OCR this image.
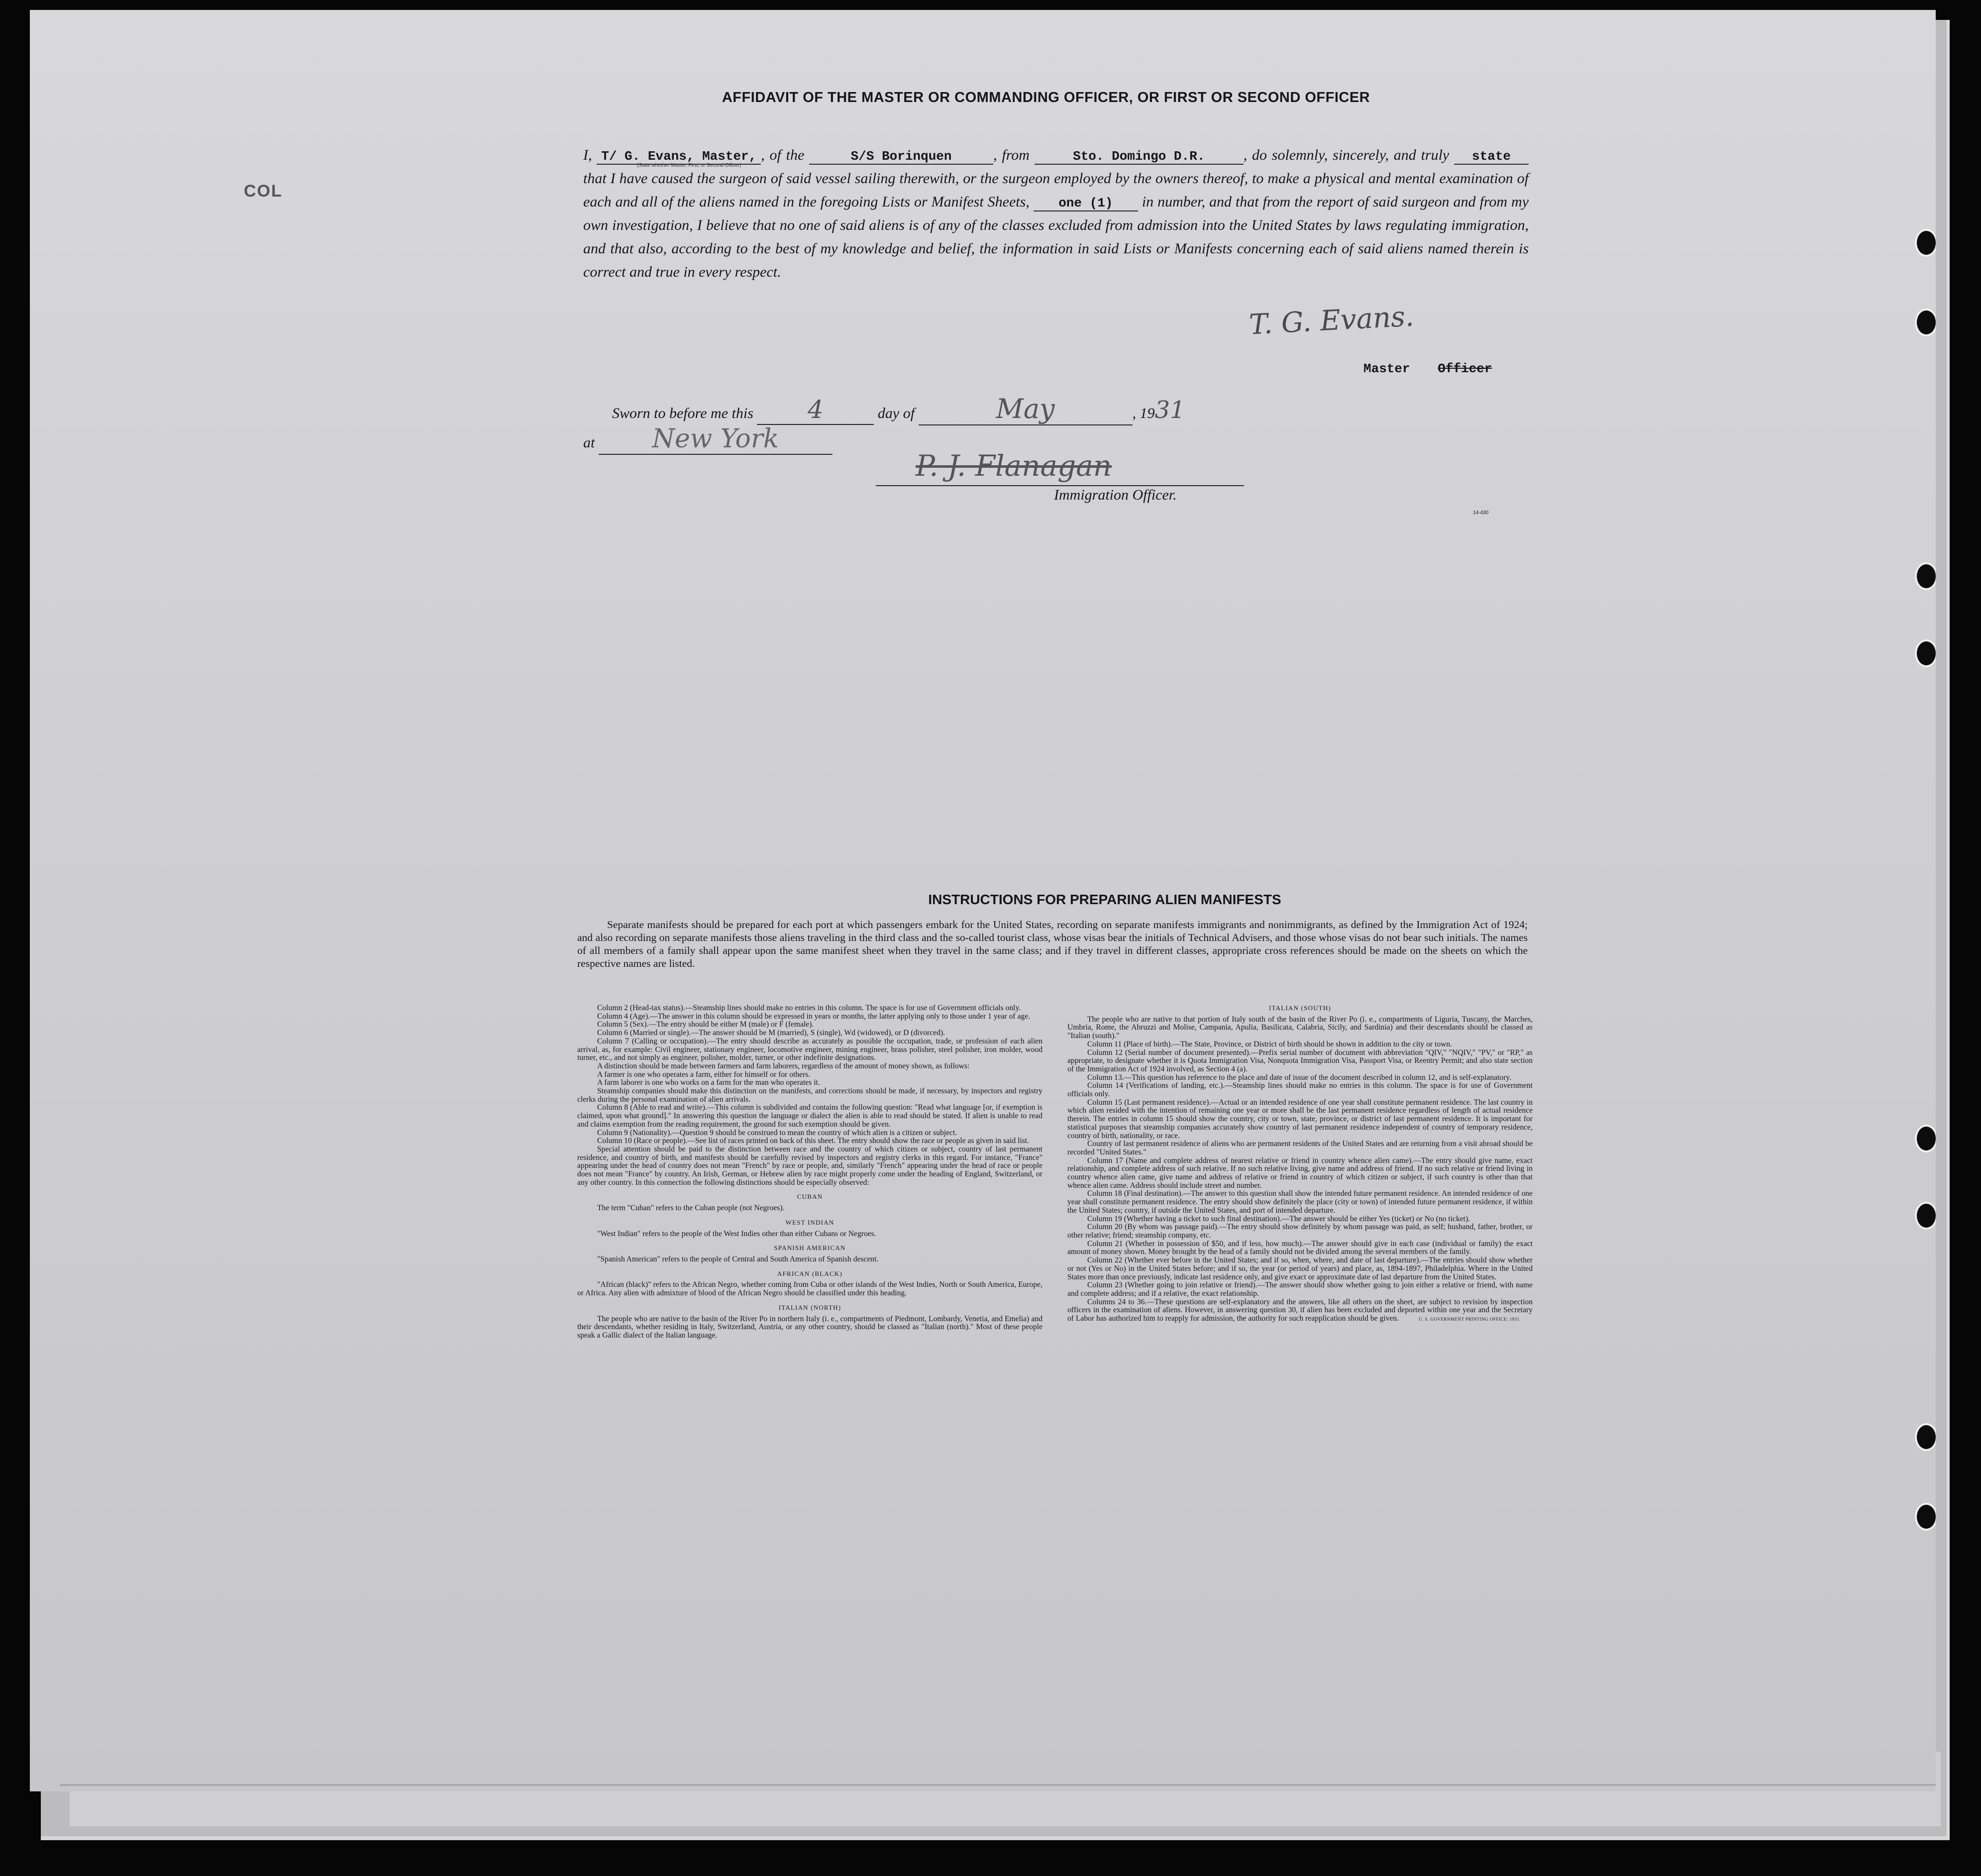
COL
AFFIDAVIT OF THE MASTER OR COMMANDING OFFICER, OR FIRST OR SECOND OFFICER
I, T/ G. Evans, Master, , of the	S/S Borinquen	, from	Sto. Domingo D.R.	, do solemnly, sincerely, and truly state that I have caused the surgeon of said vessel sailing therewith, or the surgeon employed by the owners thereof, to make a physical and mental examination of each and all of the aliens named in the foregoing Lists or Manifest Sheets, one (1) in number, and that from the report of said surgeon and from my own investigation, I believe that no one of said aliens is of any of the classes excluded from admission into the United States by laws regulating immigration, and that also, according to the best of my knowledge and belief, the information in said Lists or Manifests concerning each of said aliens named therein is correct and true in every respect.
(State whether Master, First, or Second Officer)
T. G. Evans.
Master Officer
Sworn to before me this 4	day of	May	, 1931
at New York
P. J. Flanagan
Immigration Officer.
14-430
INSTRUCTIONS FOR PREPARING ALIEN MANIFESTS
Separate manifests should be prepared for each port at which passengers embark for the United States, recording on separate manifests immigrants and nonimmigrants, as defined by the Immigration Act of 1924; and also recording on separate manifests those aliens traveling in the third class and the so-called tourist class, whose visas bear the initials of Technical Advisers, and those whose visas do not bear such initials. The names of all members of a family shall appear upon the same manifest sheet when they travel in the same class; and if they travel in different classes, appropriate cross references should be made on the sheets on which the respective names are listed.

Column 2 (Head-tax status).—Steamship lines should make no entries in this column. The space is for use of Government officials only.

Column 4 (Age).—The answer in this column should be expressed in years or months, the latter applying only to those under 1 year of age.

Column 5 (Sex).—The entry should be either M (male) or F (female).

Column 6 (Married or single).—The answer should be M (married), S (single), Wd (widowed), or D (divorced).

Column 7 (Calling or occupation).—The entry should describe as accurately as possible the occupation, trade, or profession of each alien arrival, as, for example: Civil engineer, stationary engineer, locomotive engineer, mining engineer, brass polisher, steel polisher, iron molder, wood turner, etc., and not simply as engineer, polisher, molder, turner, or other indefinite designations.

A distinction should be made between farmers and farm laborers, regardless of the amount of money shown, as follows:

A farmer is one who operates a farm, either for himself or for others.

A farm laborer is one who works on a farm for the man who operates it.

Steamship companies should make this distinction on the manifests, and corrections should be made, if necessary, by inspectors and registry clerks during the personal examination of alien arrivals.

Column 8 (Able to read and write).—This column is subdivided and contains the following question: "Read what language [or, if exemption is claimed, upon what ground]." In answering this question the language or dialect the alien is able to read should be stated. If alien is unable to read and claims exemption from the reading requirement, the ground for such exemption should be given.

Column 9 (Nationality).—Question 9 should be construed to mean the country of which alien is a citizen or subject.

Column 10 (Race or people).—See list of races printed on back of this sheet. The entry should show the race or people as given in said list.

Special attention should be paid to the distinction between race and the country of which citizen or subject, country of last permanent residence, and country of birth, and manifests should be carefully revised by inspectors and registry clerks in this regard. For instance, "France" appearing under the head of country does not mean "French" by race or people, and, similarly "French" appearing under the head of race or people does not mean "France" by country. An Irish, German, or Hebrew alien by race might properly come under the heading of England, Switzerland, or any other country. In this connection the following distinctions should be especially observed:

CUBAN

The term "Cuban" refers to the Cuban people (not Negroes).

WEST INDIAN

"West Indian" refers to the people of the West Indies other than either Cubans or Negroes.

SPANISH AMERICAN

"Spanish American" refers to the people of Central and South America of Spanish descent.

AFRICAN (BLACK)

"African (black)" refers to the African Negro, whether coming from Cuba or other islands of the West Indies, North or South America, Europe, or Africa. Any alien with admixture of blood of the African Negro should be classified under this heading.

ITALIAN (NORTH)

The people who are native to the basin of the River Po in northern Italy (i. e., compartments of Piedmont, Lombardy, Venetia, and Emelia) and their descendants, whether residing in Italy, Switzerland, Austria, or any other country, should be classed as "Italian (north)." Most of these people speak a Gallic dialect of the Italian language.

ITALIAN (SOUTH)

The people who are native to that portion of Italy south of the basin of the River Po (i. e., compartments of Liguria, Tuscany, the Marches, Umbria, Rome, the Abruzzi and Molise, Campania, Apulia, Basilicata, Calabria, Sicily, and Sardinia) and their descendants should be classed as "Italian (south)."

Column 11 (Place of birth).—The State, Province, or District of birth should be shown in addition to the city or town.

Column 12 (Serial number of document presented).—Prefix serial number of document with abbreviation "QIV," "NQIV," "PV," or "RP," as appropriate, to designate whether it is Quota Immigration Visa, Nonquota Immigration Visa, Passport Visa, or Reentry Permit; and also state section of the Immigration Act of 1924 involved, as Section 4 (a).

Column 13.—This question has reference to the place and date of issue of the document described in column 12, and is self-explanatory.

Column 14 (Verifications of landing, etc.).—Steamship lines should make no entries in this column. The space is for use of Government officials only.

Column 15 (Last permanent residence).—Actual or an intended residence of one year shall constitute permanent residence. The last country in which alien resided with the intention of remaining one year or more shall be the last permanent residence regardless of length of actual residence therein. The entries in column 15 should show the country, city or town, state, province, or district of last permanent residence. It is important for statistical purposes that steamship companies accurately show country of last permanent residence independent of country of temporary residence, country of birth, nationality, or race.

Country of last permanent residence of aliens who are permanent residents of the United States and are returning from a visit abroad should be recorded "United States."

Column 17 (Name and complete address of nearest relative or friend in country whence alien came).—The entry should give name, exact relationship, and complete address of such relative. If no such relative living, give name and address of friend. If no such relative or friend living in country whence alien came, give name and address of relative or friend in country of which citizen or subject, if such country is other than that whence alien came. Address should include street and number.

Column 18 (Final destination).—The answer to this question shall show the intended future permanent residence. An intended residence of one year shall constitute permanent residence. The entry should show definitely the place (city or town) of intended future permanent residence, if within the United States; country, if outside the United States, and port of intended departure.

Column 19 (Whether having a ticket to such final destination).—The answer should be either Yes (ticket) or No (no ticket).

Column 20 (By whom was passage paid).—The entry should show definitely by whom passage was paid, as self; husband, father, brother, or other relative; friend; steamship company, etc.

Column 21 (Whether in possession of $50, and if less, how much).—The answer should give in each case (individual or family) the exact amount of money shown. Money brought by the head of a family should not be divided among the several members of the family.

Column 22 (Whether ever before in the United States; and if so, when, where, and date of last departure).—The entries should show whether or not (Yes or No) in the United States before; and if so, the year (or period of years) and place, as, 1894-1897, Philadelphia. Where in the United States more than once previously, indicate last residence only, and give exact or approximate date of last departure from the United States.

Column 23 (Whether going to join relative or friend).—The answer should show whether going to join either a relative or friend, with name and complete address; and if a relative, the exact relationship.

Columns 24 to 36.—These questions are self-explanatory and the answers, like all others on the sheet, are subject to revision by inspection officers in the examination of aliens. However, in answering question 30, if alien has been excluded and deported within one year and the Secretary of Labor has authorized him to reapply for admission, the authority for such reapplication should be given.	U. S. GOVERNMENT PRINTING OFFICE: 1931
